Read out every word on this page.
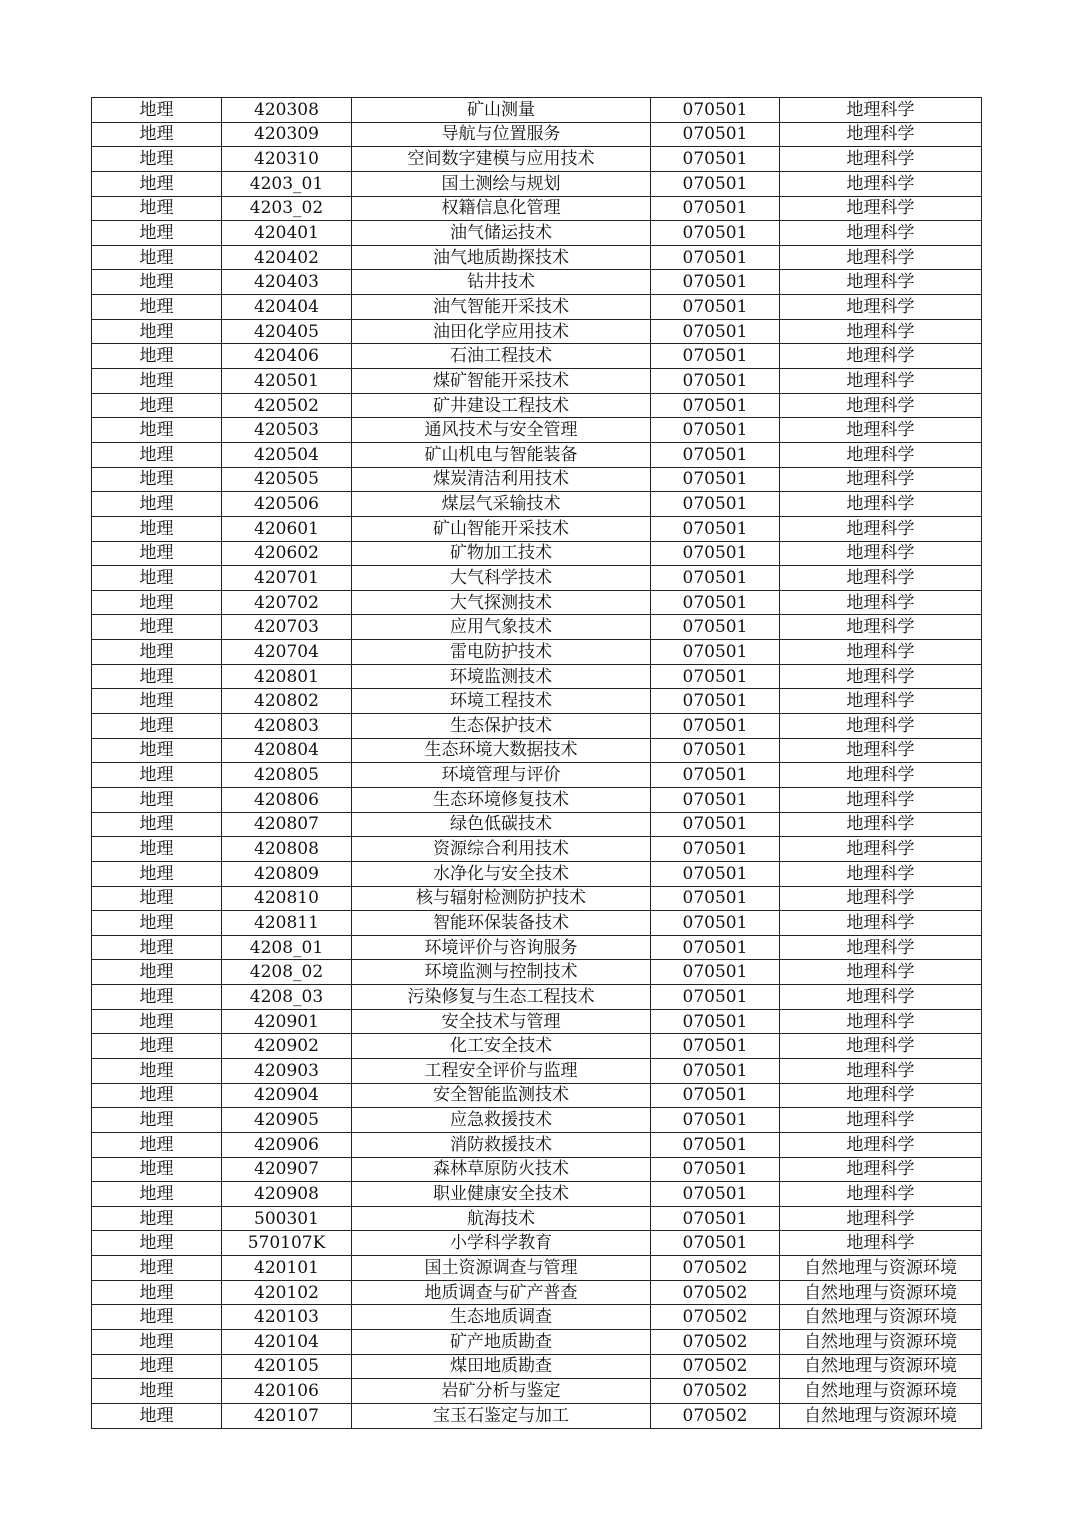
地理	420308	矿山测量	070501	地理科学
地理	420309	导航与位置服务	070501	地理科学
地理	420310	空间数字建模与应用技术	070501	地理科学
地理	4203_01	国土测绘与规划	070501	地理科学
地理	4203_02	权籍信息化管理	070501	地理科学
地理	420401	油气储运技术	070501	地理科学
地理	420402	油气地质勘探技术	070501	地理科学
地理	420403	钻井技术	070501	地理科学
地理	420404	油气智能开采技术	070501	地理科学
地理	420405	油田化学应用技术	070501	地理科学
地理	420406	石油工程技术	070501	地理科学
地理	420501	煤矿智能开采技术	070501	地理科学
地理	420502	矿井建设工程技术	070501	地理科学
地理	420503	通风技术与安全管理	070501	地理科学
地理	420504	矿山机电与智能装备	070501	地理科学
地理	420505	煤炭清洁利用技术	070501	地理科学
地理	420506	煤层气采输技术	070501	地理科学
地理	420601	矿山智能开采技术	070501	地理科学
地理	420602	矿物加工技术	070501	地理科学
地理	420701	大气科学技术	070501	地理科学
地理	420702	大气探测技术	070501	地理科学
地理	420703	应用气象技术	070501	地理科学
地理	420704	雷电防护技术	070501	地理科学
地理	420801	环境监测技术	070501	地理科学
地理	420802	环境工程技术	070501	地理科学
地理	420803	生态保护技术	070501	地理科学
地理	420804	生态环境大数据技术	070501	地理科学
地理	420805	环境管理与评价	070501	地理科学
地理	420806	生态环境修复技术	070501	地理科学
地理	420807	绿色低碳技术	070501	地理科学
地理	420808	资源综合利用技术	070501	地理科学
地理	420809	水净化与安全技术	070501	地理科学
地理	420810	核与辐射检测防护技术	070501	地理科学
地理	420811	智能环保装备技术	070501	地理科学
地理	4208_01	环境评价与咨询服务	070501	地理科学
地理	4208_02	环境监测与控制技术	070501	地理科学
地理	4208_03	污染修复与生态工程技术	070501	地理科学
地理	420901	安全技术与管理	070501	地理科学
地理	420902	化工安全技术	070501	地理科学
地理	420903	工程安全评价与监理	070501	地理科学
地理	420904	安全智能监测技术	070501	地理科学
地理	420905	应急救援技术	070501	地理科学
地理	420906	消防救援技术	070501	地理科学
地理	420907	森林草原防火技术	070501	地理科学
地理	420908	职业健康安全技术	070501	地理科学
地理	500301	航海技术	070501	地理科学
地理	570107K	小学科学教育	070501	地理科学
地理	420101	国土资源调查与管理	070502	自然地理与资源环境
地理	420102	地质调查与矿产普查	070502	自然地理与资源环境
地理	420103	生态地质调查	070502	自然地理与资源环境
地理	420104	矿产地质勘查	070502	自然地理与资源环境
地理	420105	煤田地质勘查	070502	自然地理与资源环境
地理	420106	岩矿分析与鉴定	070502	自然地理与资源环境
地理	420107	宝玉石鉴定与加工	070502	自然地理与资源环境
